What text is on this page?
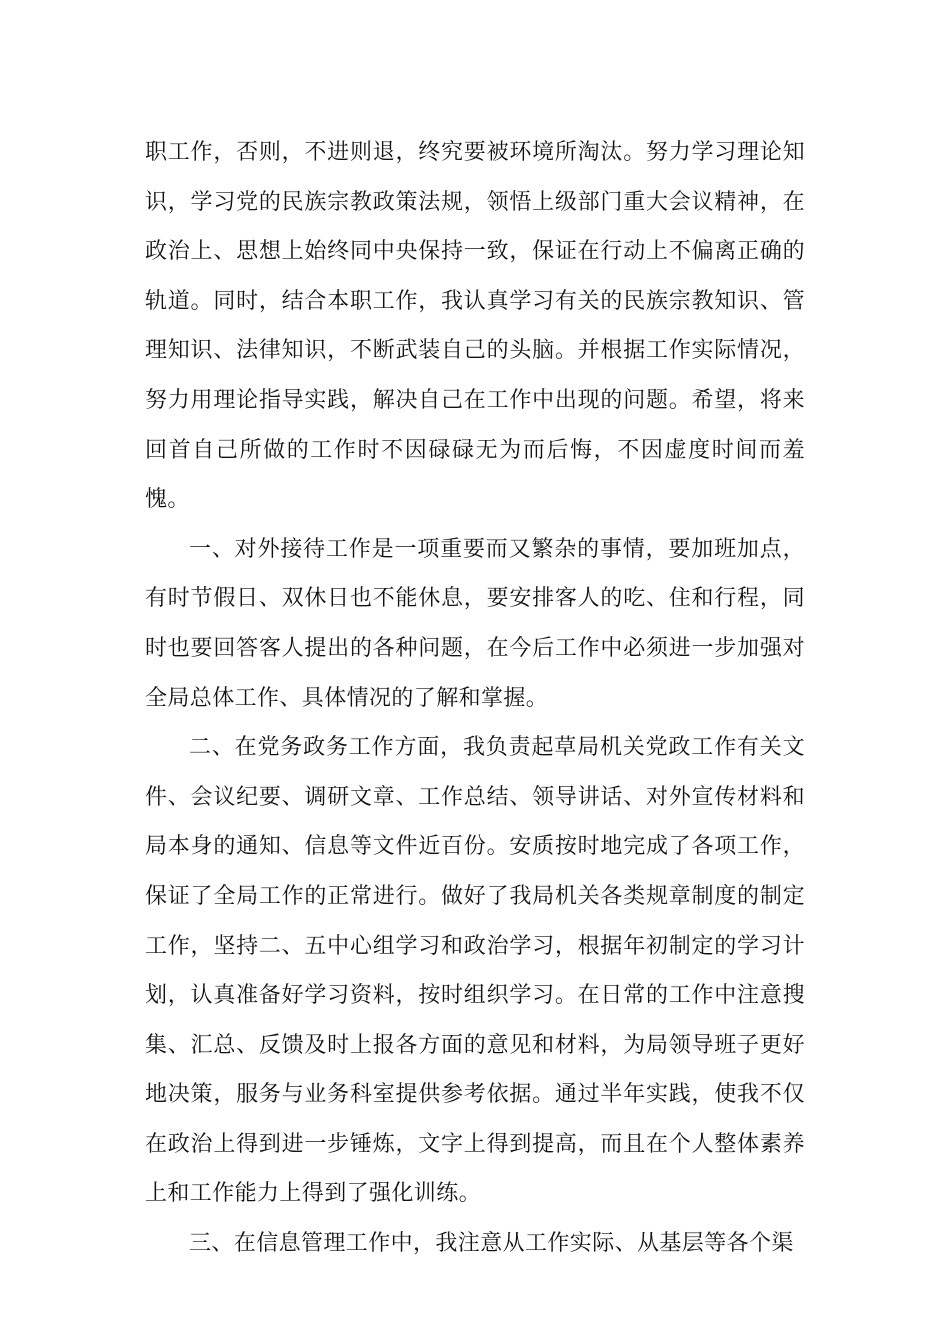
职工作，否则，不进则退，终究要被环境所淘汰。努力学习理论知识，学习党的民族宗教政策法规，领悟上级部门重大会议精神，在政治上、思想上始终同中央保持一致，保证在行动上不偏离正确的轨道。同时，结合本职工作，我认真学习有关的民族宗教知识、管理知识、法律知识，不断武装自己的头脑。并根据工作实际情况，努力用理论指导实践，解决自己在工作中出现的问题。希望，将来回首自己所做的工作时不因碌碌无为而后悔，不因虚度时间而羞愧。

一、对外接待工作是一项重要而又繁杂的事情，要加班加点，有时节假日、双休日也不能休息，要安排客人的吃、住和行程，同时也要回答客人提出的各种问题，在今后工作中必须进一步加强对全局总体工作、具体情况的了解和掌握。

二、在党务政务工作方面，我负责起草局机关党政工作有关文件、会议纪要、调研文章、工作总结、领导讲话、对外宣传材料和局本身的通知、信息等文件近百份。安质按时地完成了各项工作，保证了全局工作的正常进行。做好了我局机关各类规章制度的制定工作，坚持二、五中心组学习和政治学习，根据年初制定的学习计划，认真准备好学习资料，按时组织学习。在日常的工作中注意搜集、汇总、反馈及时上报各方面的意见和材料，为局领导班子更好地决策，服务与业务科室提供参考依据。通过半年实践，使我不仅在政治上得到进一步锤炼，文字上得到提高，而且在个人整体素养上和工作能力上得到了强化训练。

三、在信息管理工作中，我注意从工作实际、从基层等各个渠
